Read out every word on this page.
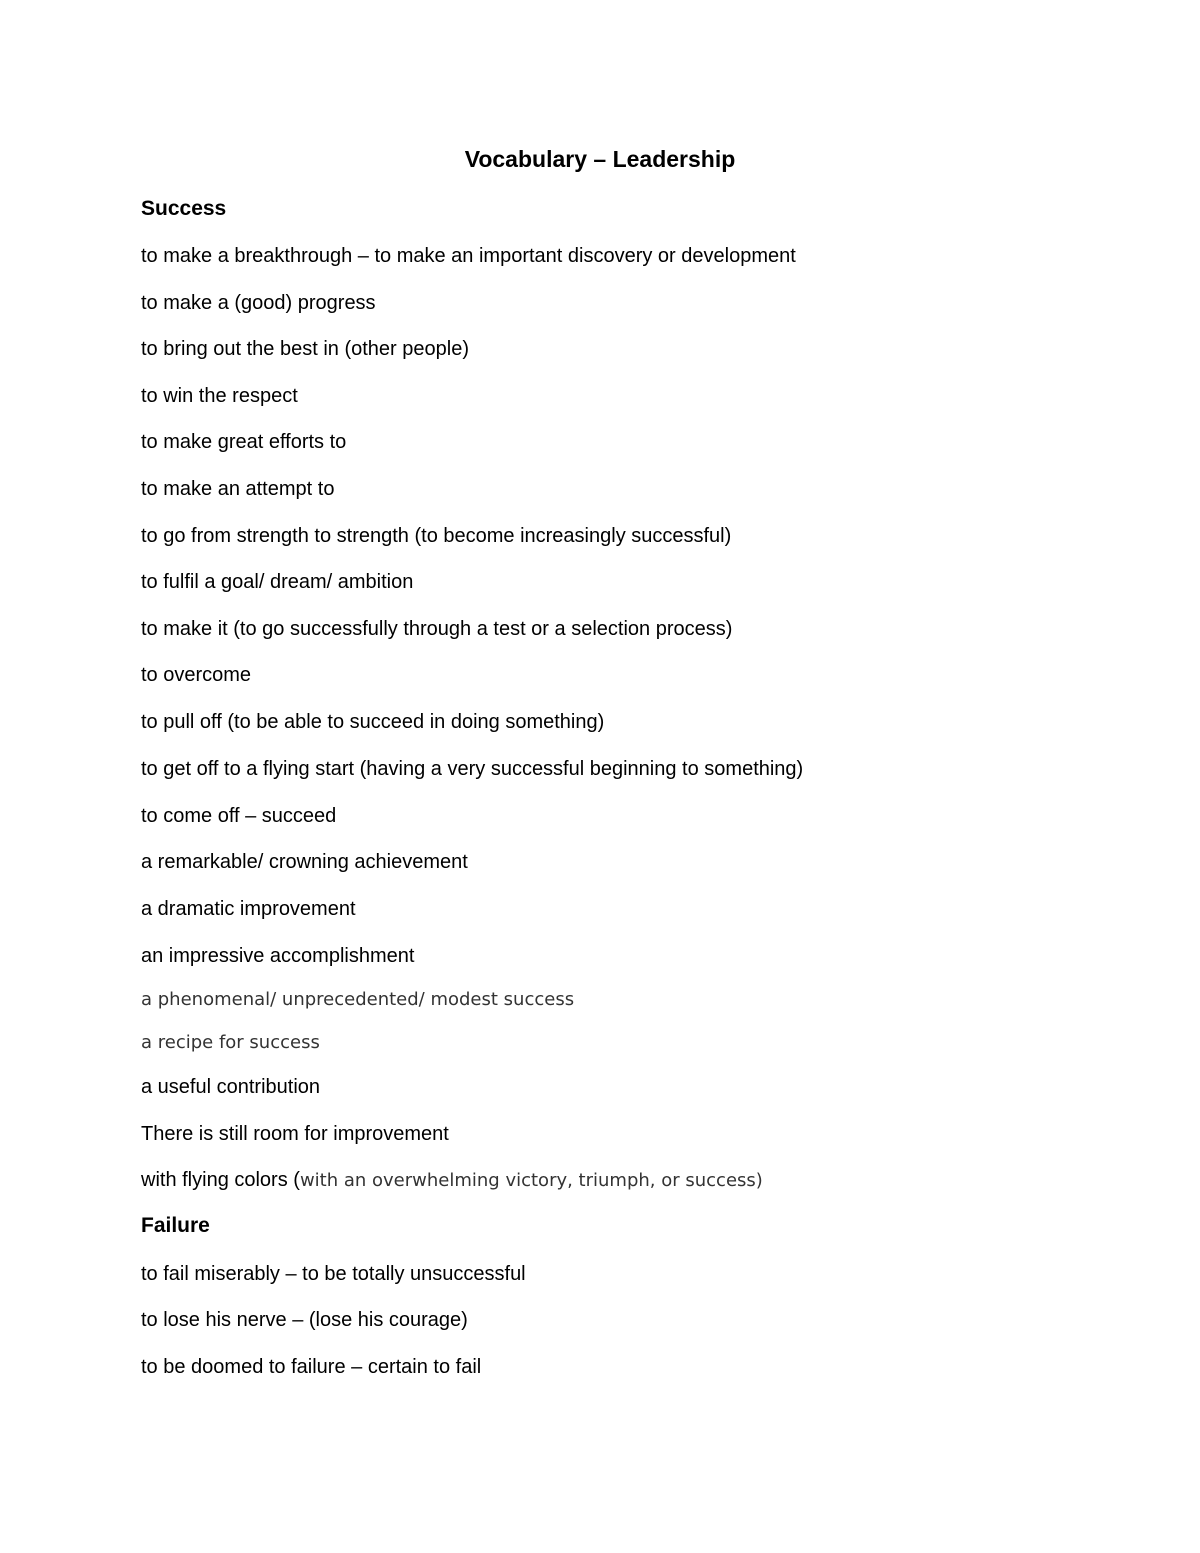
Vocabulary – Leadership
Success
to make a breakthrough – to make an important discovery or development
to make a (good) progress
to bring out the best in (other people)
to win the respect
to make great efforts to
to make an attempt to
to go from strength to strength (to become increasingly successful)
to fulfil a goal/ dream/ ambition
to make it (to go successfully through a test or a selection process)
to overcome
to pull off (to be able to succeed in doing something)
to get off to a flying start (having a very successful beginning to something)
to come off – succeed
a remarkable/ crowning achievement
a dramatic improvement
an impressive accomplishment
a phenomenal/ unprecedented/ modest success
a recipe for success
a useful contribution
There is still room for improvement
with flying colors (with an overwhelming victory, triumph, or success)
Failure
to fail miserably – to be totally unsuccessful
to lose his nerve – (lose his courage)
to be doomed to failure – certain to fail
